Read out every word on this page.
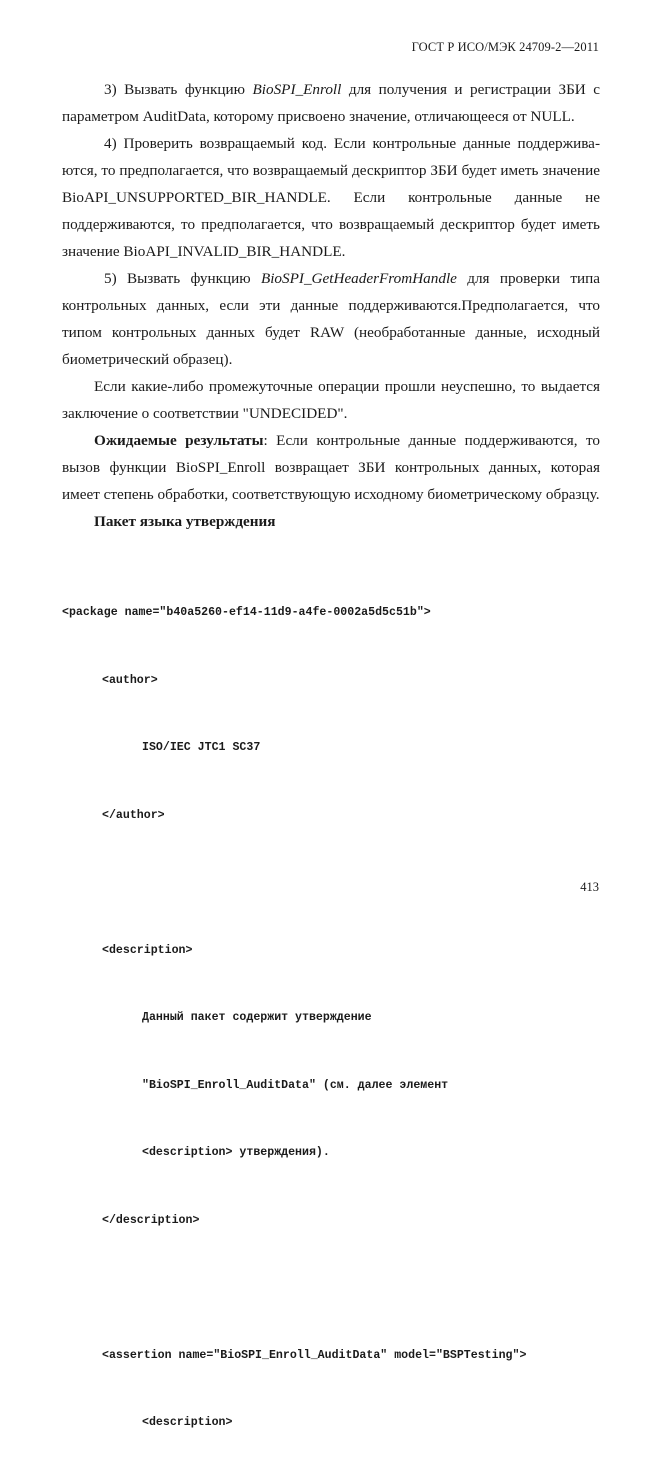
ГОСТ Р ИСО/МЭК 24709-2—2011

3) Вызвать функцию BioSPI_Enroll для получения и регистрации ЗБИ с параметром AuditData, которому присвоено значение, отличающееся от NULL.

4) Проверить возвращаемый код. Если контрольные данные поддерживаются, то предполагается, что возвращаемый дескриптор ЗБИ будет иметь значение BioAPI_UNSUPPORTED_BIR_HANDLE. Если контрольные данные не поддерживаются, то предполагается, что возвращаемый дескриптор будет иметь значение BioAPI_INVALID_BIR_HANDLE.

5) Вызвать функцию BioSPI_GetHeaderFromHandle для проверки типа контрольных данных, если эти данные поддерживаются.Предполагается, что типом контрольных данных будет RAW (необработанные данные, исходный биометрический образец).

Если какие-либо промежуточные операции прошли неуспешно, то выдается заключение о соответствии "UNDECIDED".

Ожидаемые результаты: Если контрольные данные поддерживаются, то вызов функции BioSPI_Enroll возвращает ЗБИ контрольных данных, которая имеет степень обработки, соответствующую исходному биометрическому образцу.

Пакет языка утверждения

<package name="b40a5260-ef14-11d9-a4fe-0002a5d5c51b">

<author>

ISO/IEC JTC1 SC37

</author>

<description>

Данный пакет содержит утверждение

"BioSPI_Enroll_AuditData" (см. далее элемент

<description> утверждения).

</description>

<assertion name="BioSPI_Enroll_AuditData" model="BSPTesting">

<description>

413
